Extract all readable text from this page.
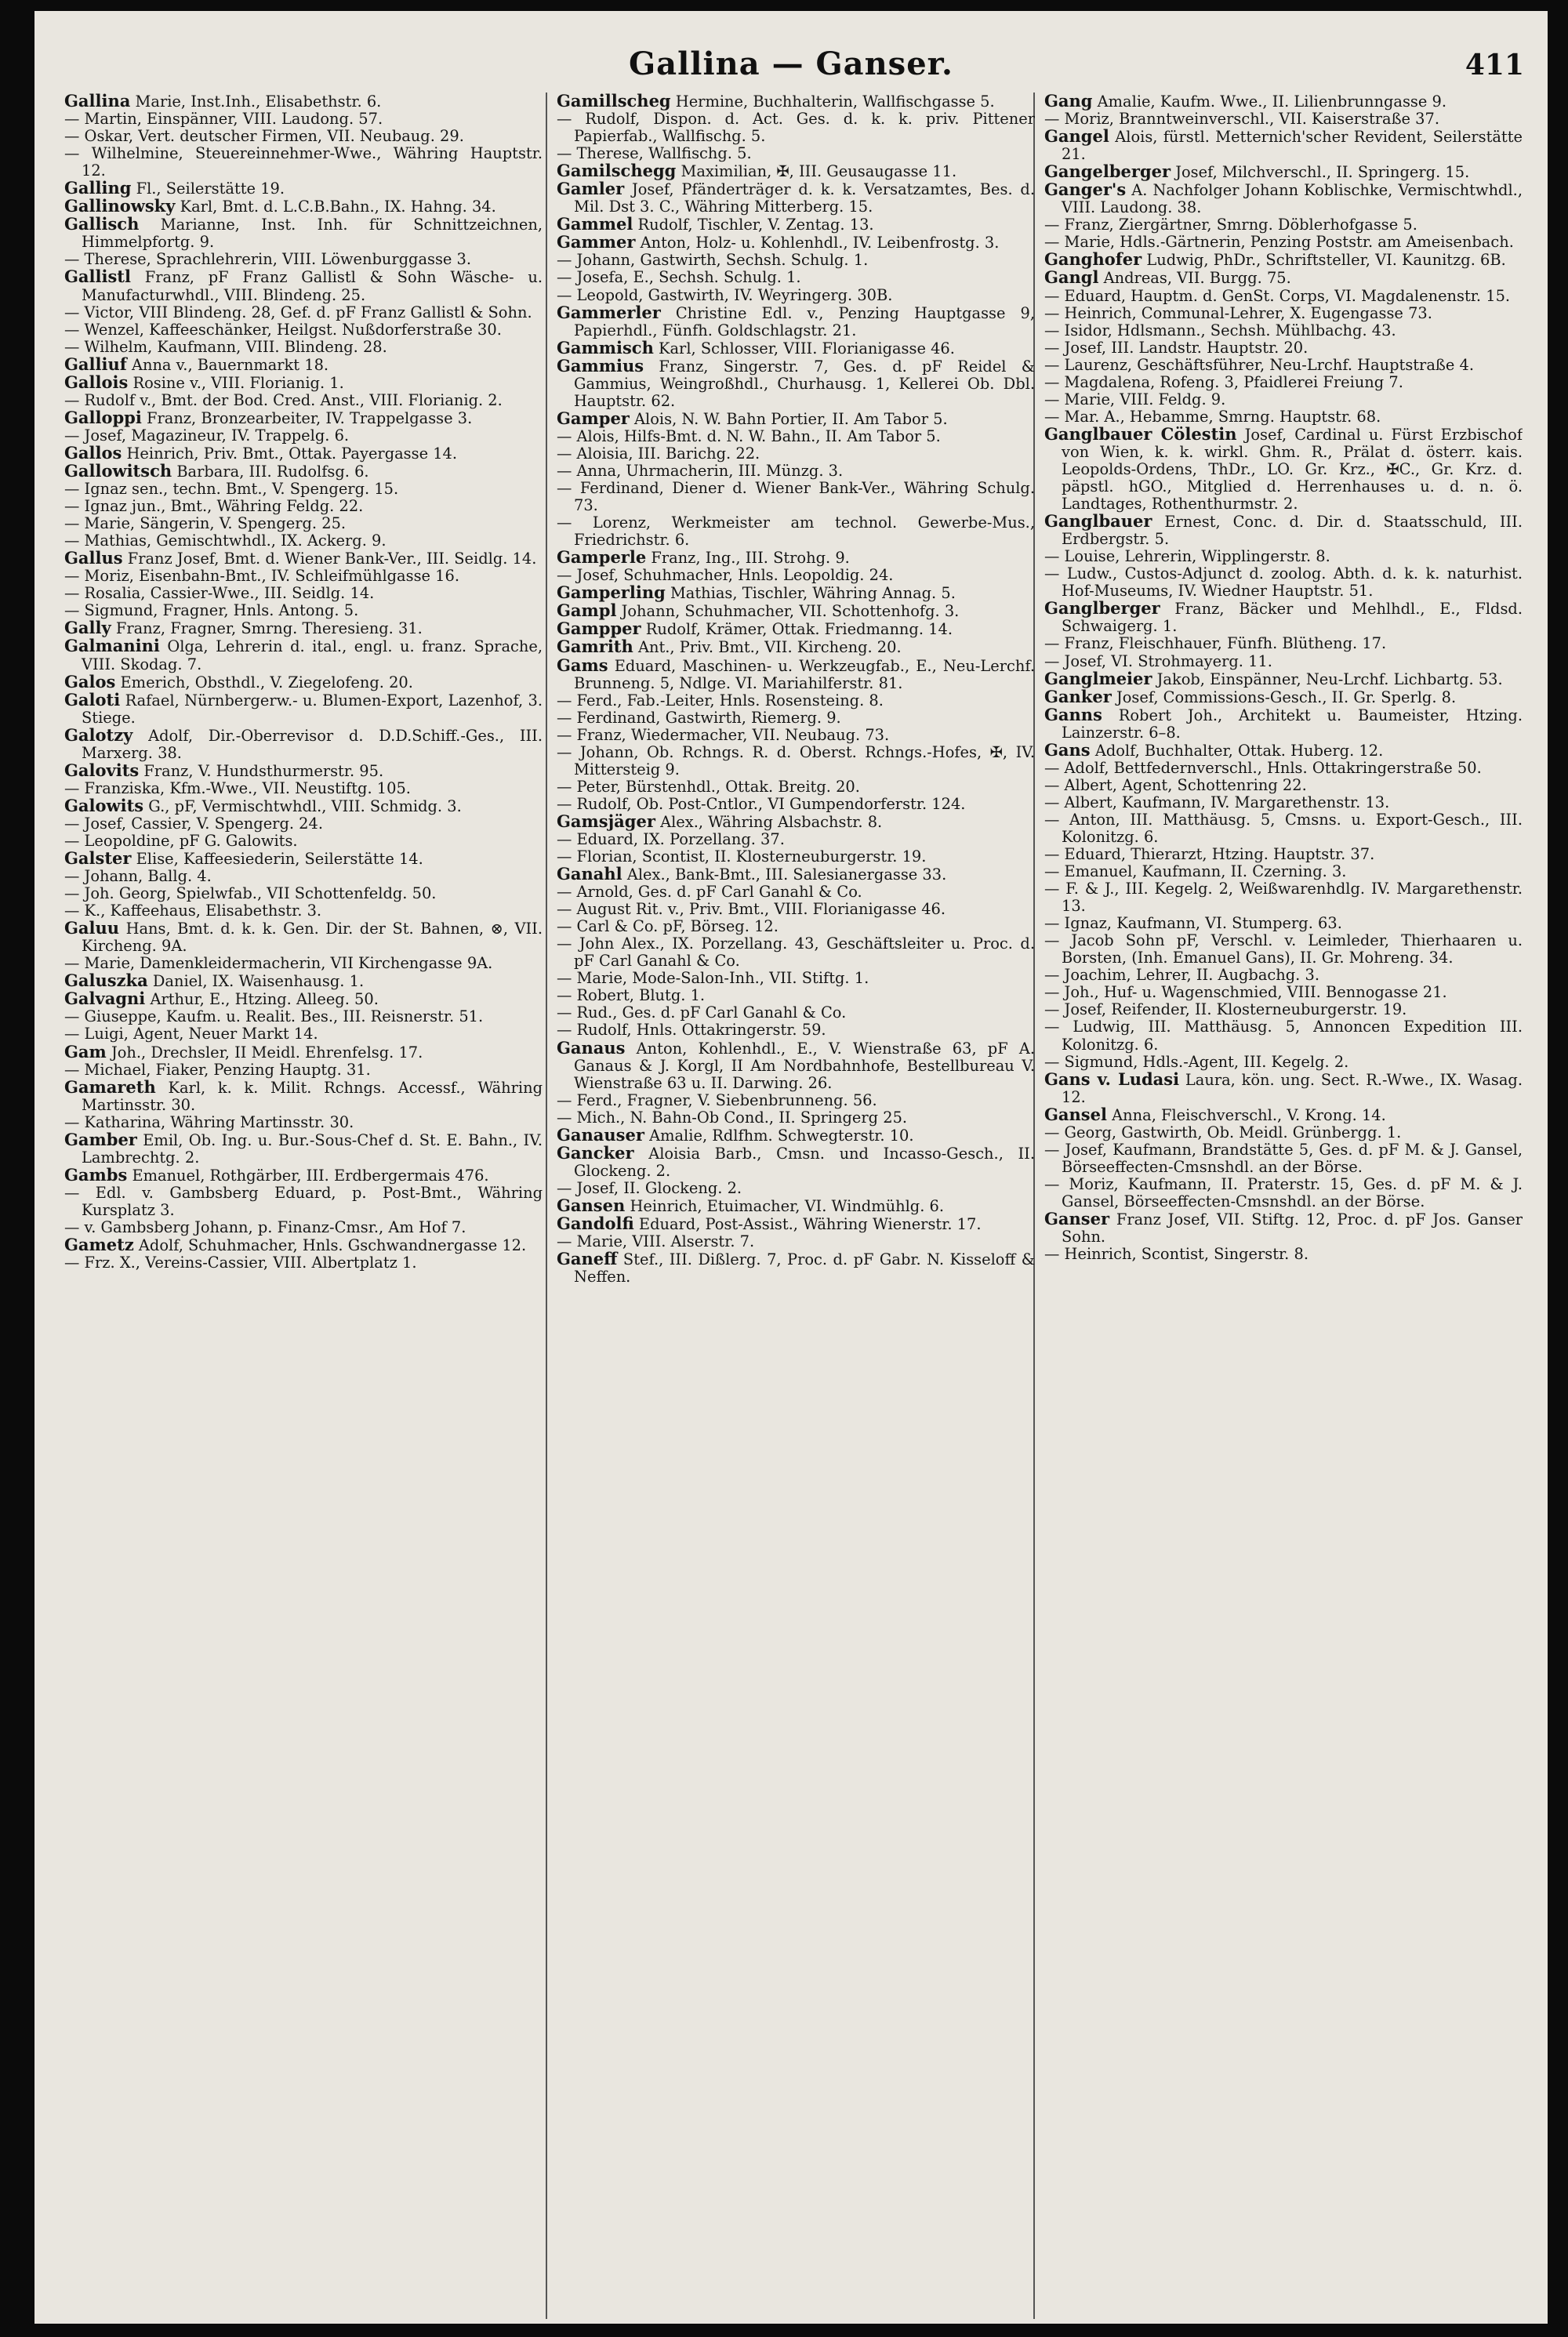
Gallina — Ganser.	411

Gallina Marie, Inst.Inh., Elisabethstr. 6.

— Martin, Einspänner, VIII. Laudong. 57.

— Oskar, Vert. deutscher Firmen, VII. Neubaug. 29.

— Wilhelmine, Steuereinnehmer-Wwe., Währing Hauptstr. 12.

Galling Fl., Seilerstätte 19.

Gallinowsky Karl, Bmt. d. L.C.B.Bahn., IX. Hahng. 34.

Gallisch Marianne, Inst. Inh. für Schnittzeichnen, Himmelpfortg. 9.

— Therese, Sprachlehrerin, VIII. Löwenburggasse 3.

Gallistl Franz, pF Franz Gallistl & Sohn Wäsche- u. Manufacturwhdl., VIII. Blindeng. 25.

— Victor, VIII Blindeng. 28, Gef. d. pF Franz Gallistl & Sohn.

— Wenzel, Kaffeeschänker, Heilgst. Nußdorferstraße 30.

— Wilhelm, Kaufmann, VIII. Blindeng. 28.

Galliuf Anna v., Bauernmarkt 18.

Gallois Rosine v., VIII. Florianig. 1.

— Rudolf v., Bmt. der Bod. Cred. Anst., VIII. Florianig. 2.

Galloppi Franz, Bronzearbeiter, IV. Trappelgasse 3.

— Josef, Magazineur, IV. Trappelg. 6.

Gallos Heinrich, Priv. Bmt., Ottak. Payergasse 14.

Gallowitsch Barbara, III. Rudolfsg. 6.

— Ignaz sen., techn. Bmt., V. Spengerg. 15.

— Ignaz jun., Bmt., Währing Feldg. 22.

— Marie, Sängerin, V. Spengerg. 25.

— Mathias, Gemischtwhdl., IX. Ackerg. 9.

Gallus Franz Josef, Bmt. d. Wiener Bank-Ver., III. Seidlg. 14.

— Moriz, Eisenbahn-Bmt., IV. Schleifmühlgasse 16.

— Rosalia, Cassier-Wwe., III. Seidlg. 14.

— Sigmund, Fragner, Hnls. Antong. 5.

Gally Franz, Fragner, Smrng. Theresieng. 31.

Galmanini Olga, Lehrerin d. ital., engl. u. franz. Sprache, VIII. Skodag. 7.

Galos Emerich, Obsthdl., V. Ziegelofeng. 20.

Galoti Rafael, Nürnbergerw.- u. Blumen-Export, Lazenhof, 3. Stiege.

Galotzy Adolf, Dir.-Oberrevisor d. D.D.Schiff.-Ges., III. Marxerg. 38.

Galovits Franz, V. Hundsthurmerstr. 95.

— Franziska, Kfm.-Wwe., VII. Neustiftg. 105.

Galowits G., pF, Vermischtwhdl., VIII. Schmidg. 3.

— Josef, Cassier, V. Spengerg. 24.

— Leopoldine, pF G. Galowits.

Galster Elise, Kaffeesiederin, Seilerstätte 14.

— Johann, Ballg. 4.

— Joh. Georg, Spielwfab., VII Schottenfeldg. 50.

— K., Kaffeehaus, Elisabethstr. 3.

Galuu Hans, Bmt. d. k. k. Gen. Dir. der St. Bahnen, ⊗, VII. Kircheng. 9A.

— Marie, Damenkleidermacherin, VII Kirchengasse 9A.

Galuszka Daniel, IX. Waisenhausg. 1.

Galvagni Arthur, E., Htzing. Alleeg. 50.

— Giuseppe, Kaufm. u. Realit. Bes., III. Reisnerstr. 51.

— Luigi, Agent, Neuer Markt 14.

Gam Joh., Drechsler, II Meidl. Ehrenfelsg. 17.

— Michael, Fiaker, Penzing Hauptg. 31.

Gamareth Karl, k. k. Milit. Rchngs. Accessf., Währing Martinsstr. 30.

— Katharina, Währing Martinsstr. 30.

Gamber Emil, Ob. Ing. u. Bur.-Sous-Chef d. St. E. Bahn., IV. Lambrechtg. 2.

Gambs Emanuel, Rothgärber, III. Erdbergermais 476.

— Edl. v. Gambsberg Eduard, p. Post-Bmt., Währing Kursplatz 3.

— v. Gambsberg Johann, p. Finanz-Cmsr., Am Hof 7.

Gametz Adolf, Schuhmacher, Hnls. Gschwandnergasse 12.

— Frz. X., Vereins-Cassier, VIII. Albertplatz 1.

Gamillscheg Hermine, Buchhalterin, Wallfischgasse 5.

— Rudolf, Dispon. d. Act. Ges. d. k. k. priv. Pittener Papierfab., Wallfischg. 5.

— Therese, Wallfischg. 5.

Gamilschegg Maximilian, ✠, III. Geusaugasse 11.

Gamler Josef, Pfänderträger d. k. k. Versatzamtes, Bes. d. Mil. Dst 3. C., Währing Mitterberg. 15.

Gammel Rudolf, Tischler, V. Zentag. 13.

Gammer Anton, Holz- u. Kohlenhdl., IV. Leibenfrostg. 3.

— Johann, Gastwirth, Sechsh. Schulg. 1.

— Josefa, E., Sechsh. Schulg. 1.

— Leopold, Gastwirth, IV. Weyringerg. 30B.

Gammerler Christine Edl. v., Penzing Hauptgasse 9, Papierhdl., Fünfh. Goldschlagstr. 21.

Gammisch Karl, Schlosser, VIII. Florianigasse 46.

Gammius Franz, Singerstr. 7, Ges. d. pF Reidel & Gammius, Weingroßhdl., Churhausg. 1, Kellerei Ob. Dbl. Hauptstr. 62.

Gamper Alois, N. W. Bahn Portier, II. Am Tabor 5.

— Alois, Hilfs-Bmt. d. N. W. Bahn., II. Am Tabor 5.

— Aloisia, III. Barichg. 22.

— Anna, Uhrmacherin, III. Münzg. 3.

— Ferdinand, Diener d. Wiener Bank-Ver., Währing Schulg. 73.

— Lorenz, Werkmeister am technol. Gewerbe-Mus., Friedrichstr. 6.

Gamperle Franz, Ing., III. Strohg. 9.

— Josef, Schuhmacher, Hnls. Leopoldig. 24.

Gamperling Mathias, Tischler, Währing Annag. 5.

Gampl Johann, Schuhmacher, VII. Schottenhofg. 3.

Gampper Rudolf, Krämer, Ottak. Friedmanng. 14.

Gamrith Ant., Priv. Bmt., VII. Kircheng. 20.

Gams Eduard, Maschinen- u. Werkzeugfab., E., Neu-Lerchf. Brunneng. 5, Ndlge. VI. Mariahilferstr. 81.

— Ferd., Fab.-Leiter, Hnls. Rosensteing. 8.

— Ferdinand, Gastwirth, Riemerg. 9.

— Franz, Wiedermacher, VII. Neubaug. 73.

— Johann, Ob. Rchngs. R. d. Oberst. Rchngs.-Hofes, ✠, IV. Mittersteig 9.

— Peter, Bürstenhdl., Ottak. Breitg. 20.

— Rudolf, Ob. Post-Cntlor., VI Gumpendorferstr. 124.

Gamsjäger Alex., Währing Alsbachstr. 8.

— Eduard, IX. Porzellang. 37.

— Florian, Scontist, II. Klosterneuburgerstr. 19.

Ganahl Alex., Bank-Bmt., III. Salesianergasse 33.

— Arnold, Ges. d. pF Carl Ganahl & Co.

— August Rit. v., Priv. Bmt., VIII. Florianigasse 46.

— Carl & Co. pF, Börseg. 12.

— John Alex., IX. Porzellang. 43, Geschäftsleiter u. Proc. d. pF Carl Ganahl & Co.

— Marie, Mode-Salon-Inh., VII. Stiftg. 1.

— Robert, Blutg. 1.

— Rud., Ges. d. pF Carl Ganahl & Co.

— Rudolf, Hnls. Ottakringerstr. 59.

Ganaus Anton, Kohlenhdl., E., V. Wienstraße 63, pF A. Ganaus & J. Korgl, II Am Nordbahnhofe, Bestellbureau V. Wienstraße 63 u. II. Darwing. 26.

— Ferd., Fragner, V. Siebenbrunneng. 56.

— Mich., N. Bahn-Ob Cond., II. Springerg 25.

Ganauser Amalie, Rdlfhm. Schwegterstr. 10.

Gancker Aloisia Barb., Cmsn. und Incasso-Gesch., II. Glockeng. 2.

— Josef, II. Glockeng. 2.

Gansen Heinrich, Etuimacher, VI. Windmühlg. 6.

Gandolfi Eduard, Post-Assist., Währing Wienerstr. 17.

— Marie, VIII. Alserstr. 7.

Ganeff Stef., III. Dißlerg. 7, Proc. d. pF Gabr. N. Kisseloff & Neffen.

Gang Amalie, Kaufm. Wwe., II. Lilienbrunngasse 9.

— Moriz, Branntweinverschl., VII. Kaiserstraße 37.

Gangel Alois, fürstl. Metternich'scher Revident, Seilerstätte 21.

Gangelberger Josef, Milchverschl., II. Springerg. 15.

Ganger's A. Nachfolger Johann Koblischke, Vermischtwhdl., VIII. Laudong. 38.

— Franz, Ziergärtner, Smrng. Döblerhofgasse 5.

— Marie, Hdls.-Gärtnerin, Penzing Poststr. am Ameisenbach.

Ganghofer Ludwig, PhDr., Schriftsteller, VI. Kaunitzg. 6B.

Gangl Andreas, VII. Burgg. 75.

— Eduard, Hauptm. d. GenSt. Corps, VI. Magdalenenstr. 15.

— Heinrich, Communal-Lehrer, X. Eugengasse 73.

— Isidor, Hdlsmann., Sechsh. Mühlbachg. 43.

— Josef, III. Landstr. Hauptstr. 20.

— Laurenz, Geschäftsführer, Neu-Lrchf. Hauptstraße 4.

— Magdalena, Rofeng. 3, Pfaidlerei Freiung 7.

— Marie, VIII. Feldg. 9.

— Mar. A., Hebamme, Smrng. Hauptstr. 68.

Ganglbauer Cölestin Josef, Cardinal u. Fürst Erzbischof von Wien, k. k. wirkl. Ghm. R., Prälat d. österr. kais. Leopolds-Ordens, ThDr., LO. Gr. Krz., ✠C., Gr. Krz. d. päpstl. hGO., Mitglied d. Herrenhauses u. d. n. ö. Landtages, Rothenthurmstr. 2.

Ganglbauer Ernest, Conc. d. Dir. d. Staatsschuld, III. Erdbergstr. 5.

— Louise, Lehrerin, Wipplingerstr. 8.

— Ludw., Custos-Adjunct d. zoolog. Abth. d. k. k. naturhist. Hof-Museums, IV. Wiedner Hauptstr. 51.

Ganglberger Franz, Bäcker und Mehlhdl., E., Fldsd. Schwaigerg. 1.

— Franz, Fleischhauer, Fünfh. Blütheng. 17.

— Josef, VI. Strohmayerg. 11.

Ganglmeier Jakob, Einspänner, Neu-Lrchf. Lichbartg. 53.

Ganker Josef, Commissions-Gesch., II. Gr. Sperlg. 8.

Ganns Robert Joh., Architekt u. Baumeister, Htzing. Lainzerstr. 6–8.

Gans Adolf, Buchhalter, Ottak. Huberg. 12.

— Adolf, Bettfedernverschl., Hnls. Ottakringerstraße 50.

— Albert, Agent, Schottenring 22.

— Albert, Kaufmann, IV. Margarethenstr. 13.

— Anton, III. Matthäusg. 5, Cmsns. u. Export-Gesch., III. Kolonitzg. 6.

— Eduard, Thierarzt, Htzing. Hauptstr. 37.

— Emanuel, Kaufmann, II. Czerning. 3.

— F. & J., III. Kegelg. 2, Weißwarenhdlg. IV. Margarethenstr. 13.

— Ignaz, Kaufmann, VI. Stumperg. 63.

— Jacob Sohn pF, Verschl. v. Leimleder, Thierhaaren u. Borsten, (Inh. Emanuel Gans), II. Gr. Mohreng. 34.

— Joachim, Lehrer, II. Augbachg. 3.

— Joh., Huf- u. Wagenschmied, VIII. Bennogasse 21.

— Josef, Reifender, II. Klosterneuburgerstr. 19.

— Ludwig, III. Matthäusg. 5, Annoncen Expedition III. Kolonitzg. 6.

— Sigmund, Hdls.-Agent, III. Kegelg. 2.

Gans v. Ludasi Laura, kön. ung. Sect. R.-Wwe., IX. Wasag. 12.

Gansel Anna, Fleischverschl., V. Krong. 14.

— Georg, Gastwirth, Ob. Meidl. Grünbergg. 1.

— Josef, Kaufmann, Brandstätte 5, Ges. d. pF M. & J. Gansel, Börseeffecten-Cmsnshdl. an der Börse.

— Moriz, Kaufmann, II. Praterstr. 15, Ges. d. pF M. & J. Gansel, Börseeffecten-Cmsnshdl. an der Börse.

Ganser Franz Josef, VII. Stiftg. 12, Proc. d. pF Jos. Ganser Sohn.

— Heinrich, Scontist, Singerstr. 8.
